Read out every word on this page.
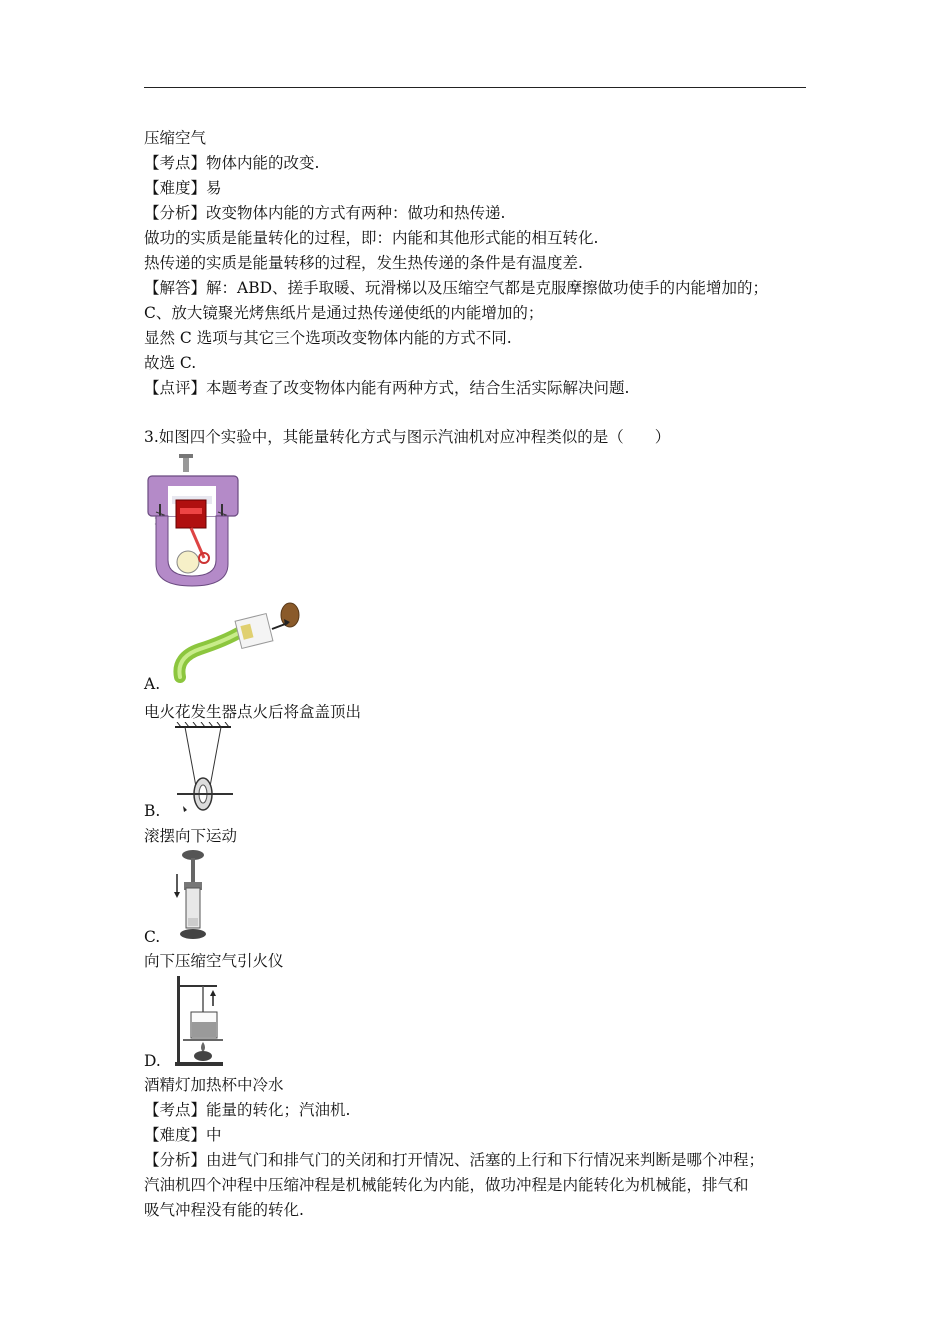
压缩空气
【考点】物体内能的改变.
【难度】易
【分析】改变物体内能的方式有两种：做功和热传递.
做功的实质是能量转化的过程，即：内能和其他形式能的相互转化.
热传递的实质是能量转移的过程，发生热传递的条件是有温度差.
【解答】解：ABD、搓手取暖、玩滑梯以及压缩空气都是克服摩擦做功使手的内能增加的；
C、放大镜聚光烤焦纸片是通过热传递使纸的内能增加的；
显然 C 选项与其它三个选项改变物体内能的方式不同.
故选 C.
【点评】本题考查了改变物体内能有两种方式，结合生活实际解决问题.
3.如图四个实验中，其能量转化方式与图示汽油机对应冲程类似的是（　　）
A.
电火花发生器点火后将盒盖顶出
B.
滚摆向下运动
C.
向下压缩空气引火仪
D.
酒精灯加热杯中冷水
【考点】能量的转化；汽油机.
【难度】中
【分析】由进气门和排气门的关闭和打开情况、活塞的上行和下行情况来判断是哪个冲程；
汽油机四个冲程中压缩冲程是机械能转化为内能，做功冲程是内能转化为机械能，排气和
吸气冲程没有能的转化.
